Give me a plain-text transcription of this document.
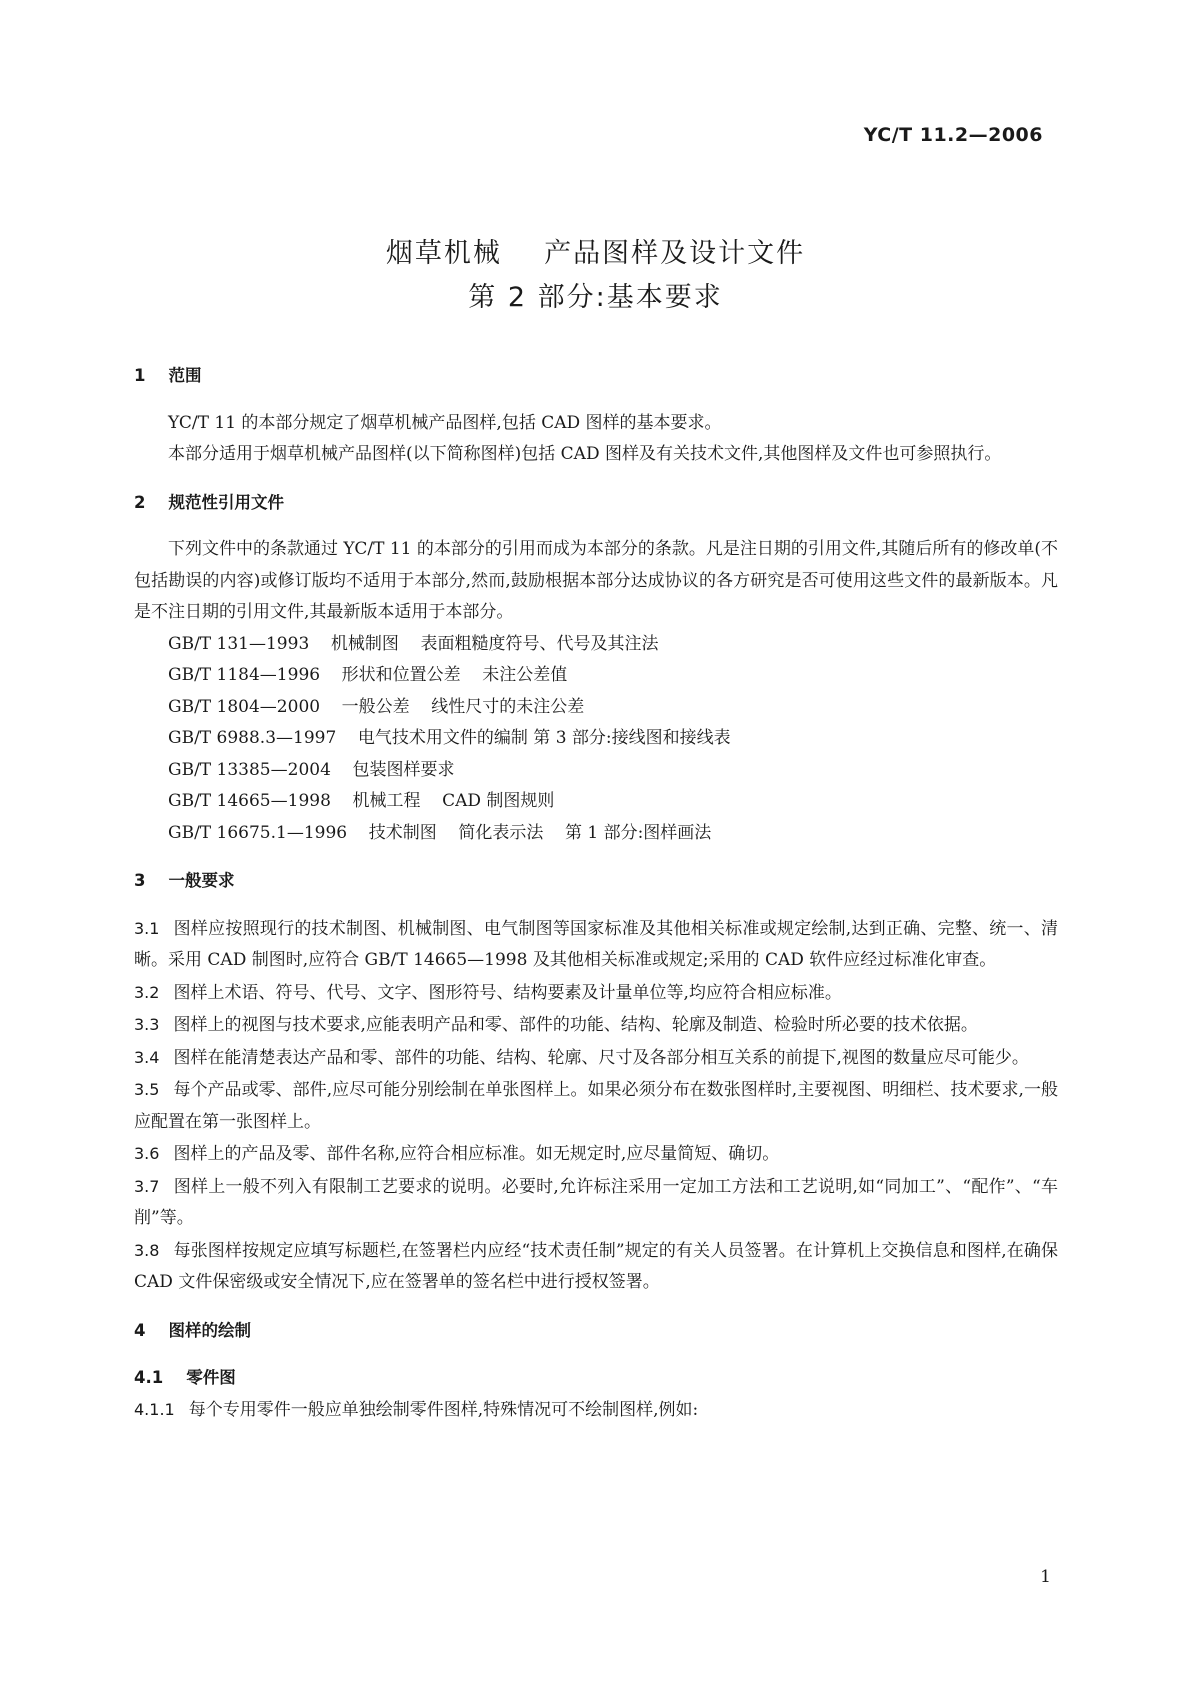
YC/T 11.2—2006

烟草机械    产品图样及设计文件
第 2 部分:基本要求

1    范围

YC/T 11 的本部分规定了烟草机械产品图样,包括 CAD 图样的基本要求。

本部分适用于烟草机械产品图样(以下简称图样)包括 CAD 图样及有关技术文件,其他图样及文件也可参照执行。

2    规范性引用文件

下列文件中的条款通过 YC/T 11 的本部分的引用而成为本部分的条款。凡是注日期的引用文件,其随后所有的修改单(不包括勘误的内容)或修订版均不适用于本部分,然而,鼓励根据本部分达成协议的各方研究是否可使用这些文件的最新版本。凡是不注日期的引用文件,其最新版本适用于本部分。

GB/T 131—1993    机械制图    表面粗糙度符号、代号及其注法

GB/T 1184—1996    形状和位置公差    未注公差值

GB/T 1804—2000    一般公差    线性尺寸的未注公差

GB/T 6988.3—1997    电气技术用文件的编制 第 3 部分:接线图和接线表

GB/T 13385—2004    包装图样要求

GB/T 14665—1998    机械工程    CAD 制图规则

GB/T 16675.1—1996    技术制图    简化表示法    第 1 部分:图样画法

3    一般要求

3.1 图样应按照现行的技术制图、机械制图、电气制图等国家标准及其他相关标准或规定绘制,达到正确、完整、统一、清晰。采用 CAD 制图时,应符合 GB/T 14665—1998 及其他相关标准或规定;采用的 CAD 软件应经过标准化审查。

3.2 图样上术语、符号、代号、文字、图形符号、结构要素及计量单位等,均应符合相应标准。

3.3 图样上的视图与技术要求,应能表明产品和零、部件的功能、结构、轮廓及制造、检验时所必要的技术依据。

3.4 图样在能清楚表达产品和零、部件的功能、结构、轮廓、尺寸及各部分相互关系的前提下,视图的数量应尽可能少。

3.5 每个产品或零、部件,应尽可能分别绘制在单张图样上。如果必须分布在数张图样时,主要视图、明细栏、技术要求,一般应配置在第一张图样上。

3.6 图样上的产品及零、部件名称,应符合相应标准。如无规定时,应尽量简短、确切。

3.7 图样上一般不列入有限制工艺要求的说明。必要时,允许标注采用一定加工方法和工艺说明,如“同加工”、“配作”、“车削”等。

3.8 每张图样按规定应填写标题栏,在签署栏内应经“技术责任制”规定的有关人员签署。在计算机上交换信息和图样,在确保 CAD 文件保密级或安全情况下,应在签署单的签名栏中进行授权签署。

4    图样的绘制

4.1    零件图

4.1.1 每个专用零件一般应单独绘制零件图样,特殊情况可不绘制图样,例如:

1
